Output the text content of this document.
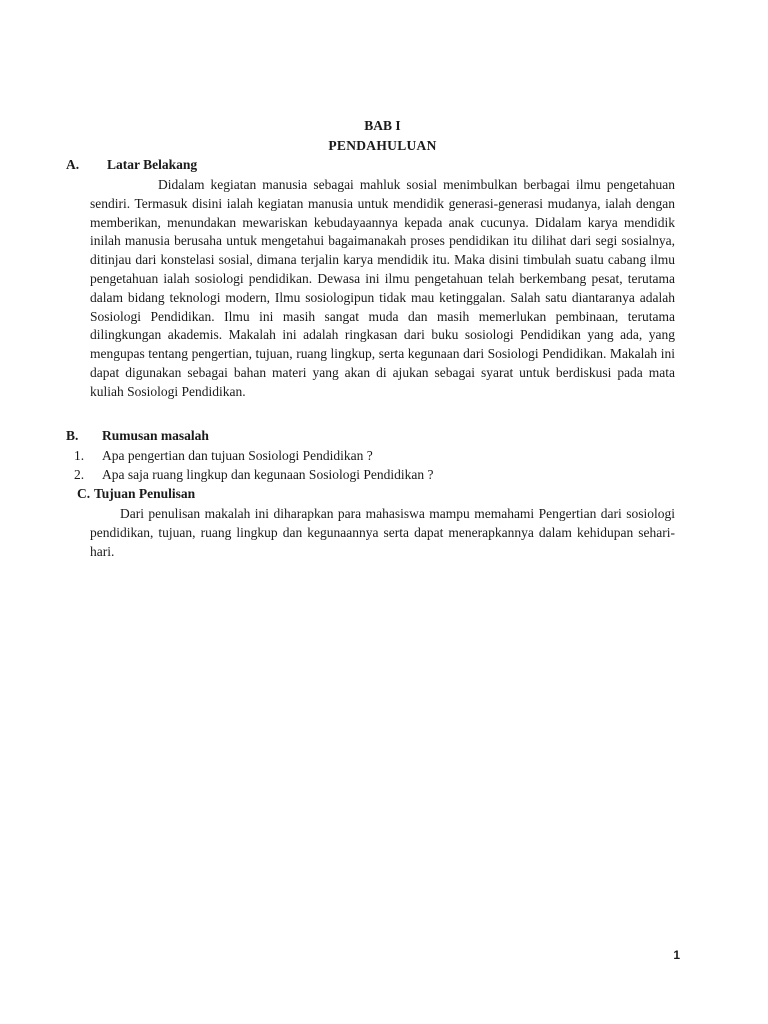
BAB I
PENDAHULUAN
A. Latar Belakang

Didalam kegiatan manusia sebagai mahluk sosial menimbulkan berbagai ilmu pengetahuan sendiri. Termasuk disini ialah kegiatan manusia untuk mendidik generasi-generasi mudanya, ialah dengan memberikan, menundakan mewariskan kebudayaannya kepada anak cucunya. Didalam karya mendidik inilah manusia berusaha untuk mengetahui bagaimanakah proses pendidikan itu dilihat dari segi sosialnya, ditinjau dari konstelasi sosial, dimana terjalin karya mendidik itu. Maka disini timbulah suatu cabang ilmu pengetahuan ialah sosiologi pendidikan. Dewasa ini ilmu pengetahuan telah berkembang pesat, terutama dalam bidang teknologi modern, Ilmu sosiologipun tidak mau ketinggalan. Salah satu diantaranya adalah Sosiologi Pendidikan. Ilmu ini masih sangat muda dan masih memerlukan pembinaan, terutama dilingkungan akademis. Makalah ini adalah ringkasan dari buku sosiologi Pendidikan yang ada, yang mengupas tentang pengertian, tujuan, ruang lingkup, serta kegunaan dari Sosiologi Pendidikan. Makalah ini dapat digunakan sebagai bahan materi yang akan di ajukan sebagai syarat untuk berdiskusi pada mata kuliah Sosiologi Pendidikan.

B. Rumusan masalah
1. Apa pengertian dan tujuan Sosiologi Pendidikan ?
2. Apa saja ruang lingkup dan kegunaan Sosiologi Pendidikan ?
C. Tujuan Penulisan

Dari penulisan makalah ini diharapkan para mahasiswa mampu memahami Pengertian dari sosiologi pendidikan, tujuan, ruang lingkup dan kegunaannya serta dapat menerapkannya dalam kehidupan sehari-hari.

1
